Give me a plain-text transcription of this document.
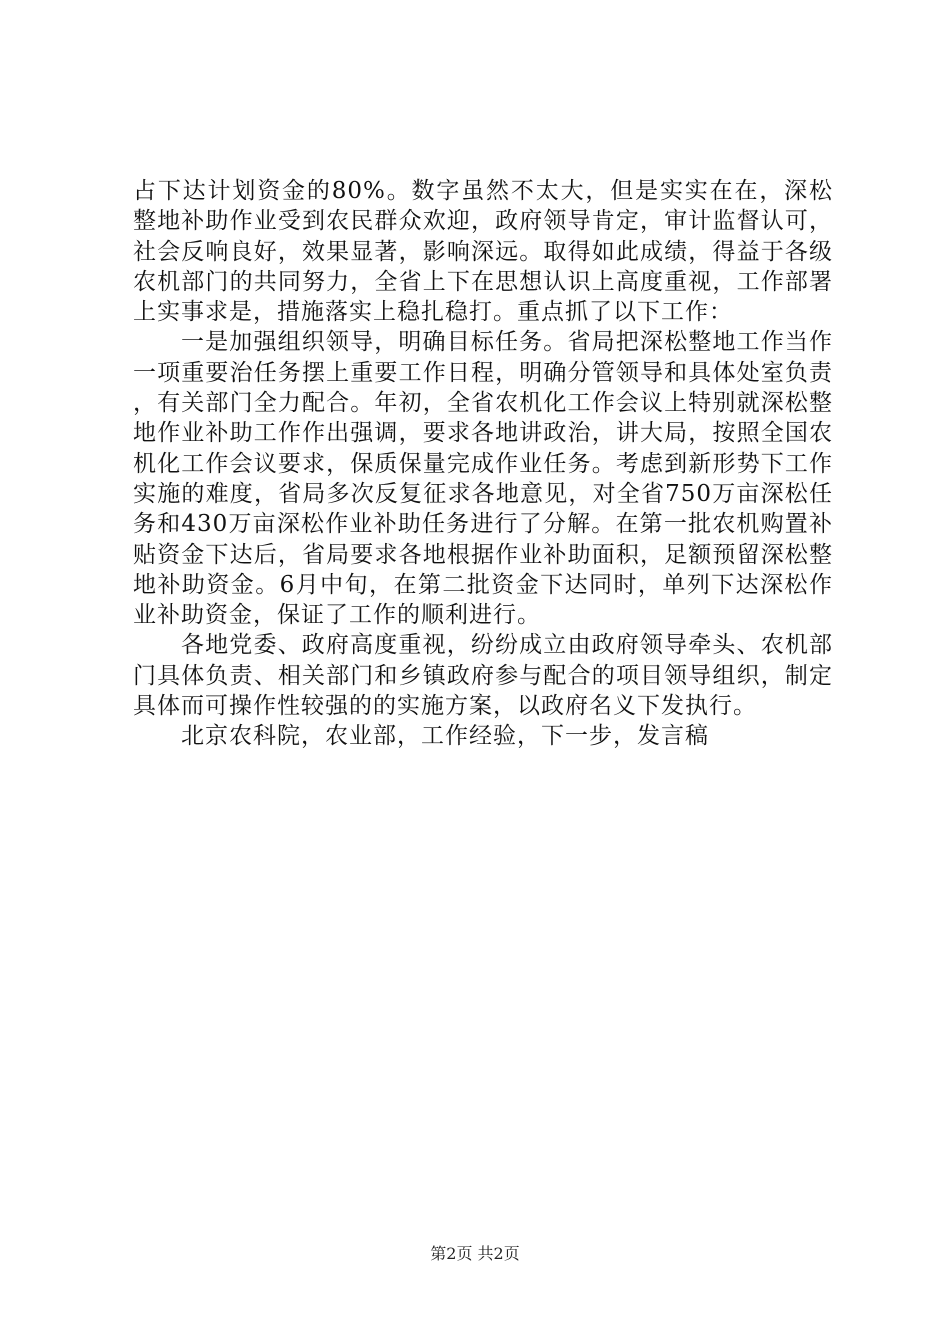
占下达计划资金的80%。数字虽然不太大，但是实实在在，深松整地补助作业受到农民群众欢迎，政府领导肯定，审计监督认可，社会反响良好，效果显著，影响深远。取得如此成绩，得益于各级农机部门的共同努力，全省上下在思想认识上高度重视，工作部署上实事求是，措施落实上稳扎稳打。重点抓了以下工作：

一是加强组织领导，明确目标任务。省局把深松整地工作当作一项重要治任务摆上重要工作日程，明确分管领导和具体处室负责，有关部门全力配合。年初，全省农机化工作会议上特别就深松整地作业补助工作作出强调，要求各地讲政治，讲大局，按照全国农机化工作会议要求，保质保量完成作业任务。考虑到新形势下工作实施的难度，省局多次反复征求各地意见，对全省750万亩深松任务和430万亩深松作业补助任务进行了分解。在第一批农机购置补贴资金下达后，省局要求各地根据作业补助面积，足额预留深松整地补助资金。6月中旬，在第二批资金下达同时，单列下达深松作业补助资金，保证了工作的顺利进行。

各地党委、政府高度重视，纷纷成立由政府领导牵头、农机部门具体负责、相关部门和乡镇政府参与配合的项目领导组织，制定具体而可操作性较强的的实施方案，以政府名义下发执行。

北京农科院，农业部，工作经验，下一步，发言稿

第2页 共2页
